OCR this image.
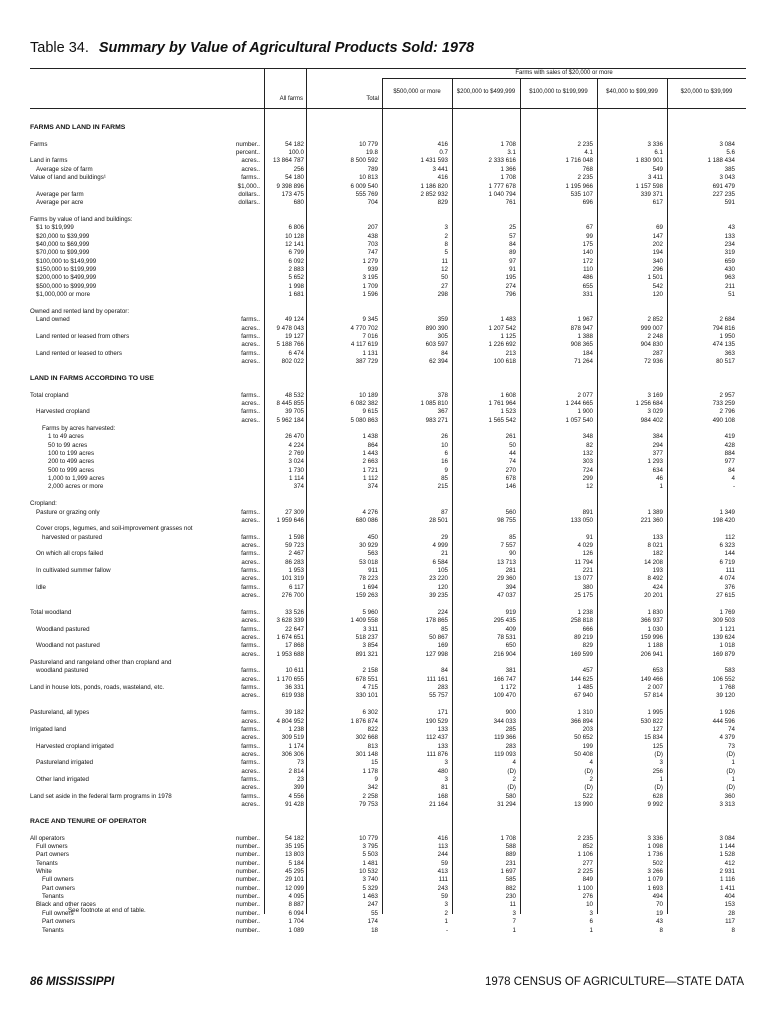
Table 34. Summary by Value of Agricultural Products Sold: 1978
Farms with sales of $20,000 or more
All farms	Total
$500,000 or more	$200,000 to $499,999	$100,000 to $199,999	$40,000 to $99,999	$20,000 to $39,999
FARMS AND LAND IN FARMS
Farms .....	number..	54 182	10 779	416	1 708	2 235	3 336	3 084
percent..	100.0	19.8	0.7	3.1	4.1	6.1	5.6
Land in farms .....	acres..	13 864 787	8 500 592	1 431 593	2 333 616	1 716 048	1 830 901	1 188 434
Average size of farm .....	acres..	256	789	3 441	1 366	768	549	385
Value of land and buildings¹ .....	farms..	54 180	10 813	416	1 708	2 235	3 411	3 043
$1,000..	9 398 896	6 009 540	1 186 820	1 777 678	1 195 966	1 157 598	691 479
Average per farm .....	dollars..	173 475	555 769	2 852 932	1 040 794	535 107	339 371	227 235
Average per acre .....	dollars..	680	704	829	761	696	617	591
Farms by value of land and buildings:
$1 to $19,999 .....	6 806	207	3	25	67	69	43
$20,000 to $39,999 .....	10 128	438	2	57	99	147	133
$40,000 to $69,999 .....	12 141	703	8	84	175	202	234
$70,000 to $99,999 .....	6 799	747	5	89	140	194	319
$100,000 to $149,999 .....	6 092	1 279	11	97	172	340	659
$150,000 to $199,999 .....	2 883	939	12	91	110	296	430
$200,000 to $499,999 .....	5 652	3 195	50	195	486	1 501	963
$500,000 to $999,999 .....	1 998	1 709	27	274	655	542	211
$1,000,000 or more .....	1 681	1 596	298	796	331	120	51
Owned and rented land by operator:
Land owned .....	farms..	49 124	9 345	359	1 483	1 967	2 852	2 684
acres..	9 478 043	4 770 702	890 390	1 207 542	878 947	999 007	794 816
Land rented or leased from others .....	farms..	19 127	7 016	305	1 125	1 388	2 248	1 950
acres..	5 188 766	4 117 619	603 597	1 226 692	908 365	904 830	474 135
Land rented or leased to others .....	farms..	6 474	1 131	84	213	184	287	363
acres..	802 022	387 729	62 394	100 618	71 264	72 936	80 517
LAND IN FARMS ACCORDING TO USE
Total cropland .....	farms..	48 532	10 189	378	1 608	2 077	3 169	2 957
acres..	8 445 855	6 082 382	1 085 810	1 761 964	1 244 665	1 256 684	733 259
Harvested cropland .....	farms..	39 705	9 615	367	1 523	1 900	3 029	2 796
acres..	5 962 184	5 080 863	983 271	1 565 542	1 057 540	984 402	490 108
Farms by acres harvested:
1 to 49 acres .....	26 470	1 438	26	261	348	384	419
50 to 99 acres .....	4 224	864	10	50	82	294	428
100 to 199 acres .....	2 769	1 443	6	44	132	377	884
200 to 499 acres .....	3 024	2 663	16	74	303	1 293	977
500 to 999 acres .....	1 730	1 721	9	270	724	634	84
1,000 to 1,999 acres .....	1 114	1 112	85	678	299	46	4
2,000 acres or more .....	374	374	215	146	12	1	-
Cropland:
Pasture or grazing only .....	farms..	27 309	4 276	87	560	891	1 389	1 349
acres..	1 959 646	680 086	28 501	98 755	133 050	221 360	198 420
Cover crops, legumes, and soil-improvement grasses not
harvested or pastured .....	farms..	1 598	450	29	85	91	133	112
acres..	59 723	30 929	4 999	7 557	4 029	8 021	6 323
On which all crops failed .....	farms..	2 467	563	21	90	126	182	144
acres..	86 283	53 018	6 584	13 713	11 794	14 208	6 719
In cultivated summer fallow .....	farms..	1 953	911	105	281	221	193	111
acres..	101 319	78 223	23 220	29 360	13 077	8 492	4 074
Idle .....	farms..	6 117	1 694	120	394	380	424	376
acres..	276 700	159 263	39 235	47 037	25 175	20 201	27 615
Total woodland .....	farms..	33 526	5 960	224	919	1 238	1 830	1 769
acres..	3 628 339	1 409 558	178 865	295 435	258 818	366 937	309 503
Woodland pastured .....	farms..	22 647	3 311	85	409	666	1 030	1 121
acres..	1 674 651	518 237	50 867	78 531	89 219	159 996	139 624
Woodland not pastured .....	farms..	17 868	3 854	169	650	829	1 188	1 018
acres..	1 953 688	891 321	127 998	216 904	169 599	206 941	169 879
Pastureland and rangeland other than cropland and
woodland pastured .....	farms..	10 611	2 158	84	381	457	653	583
acres..	1 170 655	678 551	111 161	166 747	144 625	149 466	106 552
Land in house lots, ponds, roads, wasteland, etc. .....	farms..	36 331	4 715	283	1 172	1 485	2 007	1 768
acres..	619 938	330 101	55 757	109 470	67 940	57 814	39 120
Pastureland, all types .....	farms..	39 182	6 302	171	900	1 310	1 995	1 926
acres..	4 804 952	1 876 874	190 529	344 033	366 894	530 822	444 596
Irrigated land .....	farms..	1 238	822	133	285	203	127	74
acres..	309 519	302 668	112 437	119 366	50 652	15 834	4 379
Harvested cropland irrigated .....	farms..	1 174	813	133	283	199	125	73
acres..	306 306	301 148	111 876	119 093	50 408	(D)	(D)
Pastureland irrigated .....	farms..	73	15	3	4	4	3	1
acres..	2 814	1 178	480	(D)	(D)	256	(D)
Other land irrigated .....	farms..	23	9	3	2	2	1	1
acres..	399	342	81	(D)	(D)	(D)	(D)
Land set aside in the federal farm programs in 1978 .....	farms..	4 556	2 258	168	580	522	628	360
acres..	91 428	79 753	21 164	31 294	13 990	9 992	3 313
RACE AND TENURE OF OPERATOR
All operators .....	number..	54 182	10 779	416	1 708	2 235	3 336	3 084
Full owners .....	number..	35 195	3 795	113	588	852	1 098	1 144
Part owners .....	number..	13 803	5 503	244	889	1 106	1 736	1 528
Tenants .....	number..	5 184	1 481	59	231	277	502	412
White .....	number..	45 295	10 532	413	1 697	2 225	3 266	2 931
Full owners .....	number..	29 101	3 740	111	585	849	1 079	1 116
Part owners .....	number..	12 099	5 329	243	882	1 100	1 693	1 411
Tenants .....	number..	4 095	1 463	59	230	276	494	404
Black and other races .....	number..	8 887	247	3	11	10	70	153
Full owners .....	number..	6 094	55	2	3	3	19	28
Part owners .....	number..	1 704	174	1	7	6	43	117
Tenants .....	number..	1 089	18	-	1	1	8	8
See footnote at end of table.
86 MISSISSIPPI	1978 CENSUS OF AGRICULTURE—STATE DATA
